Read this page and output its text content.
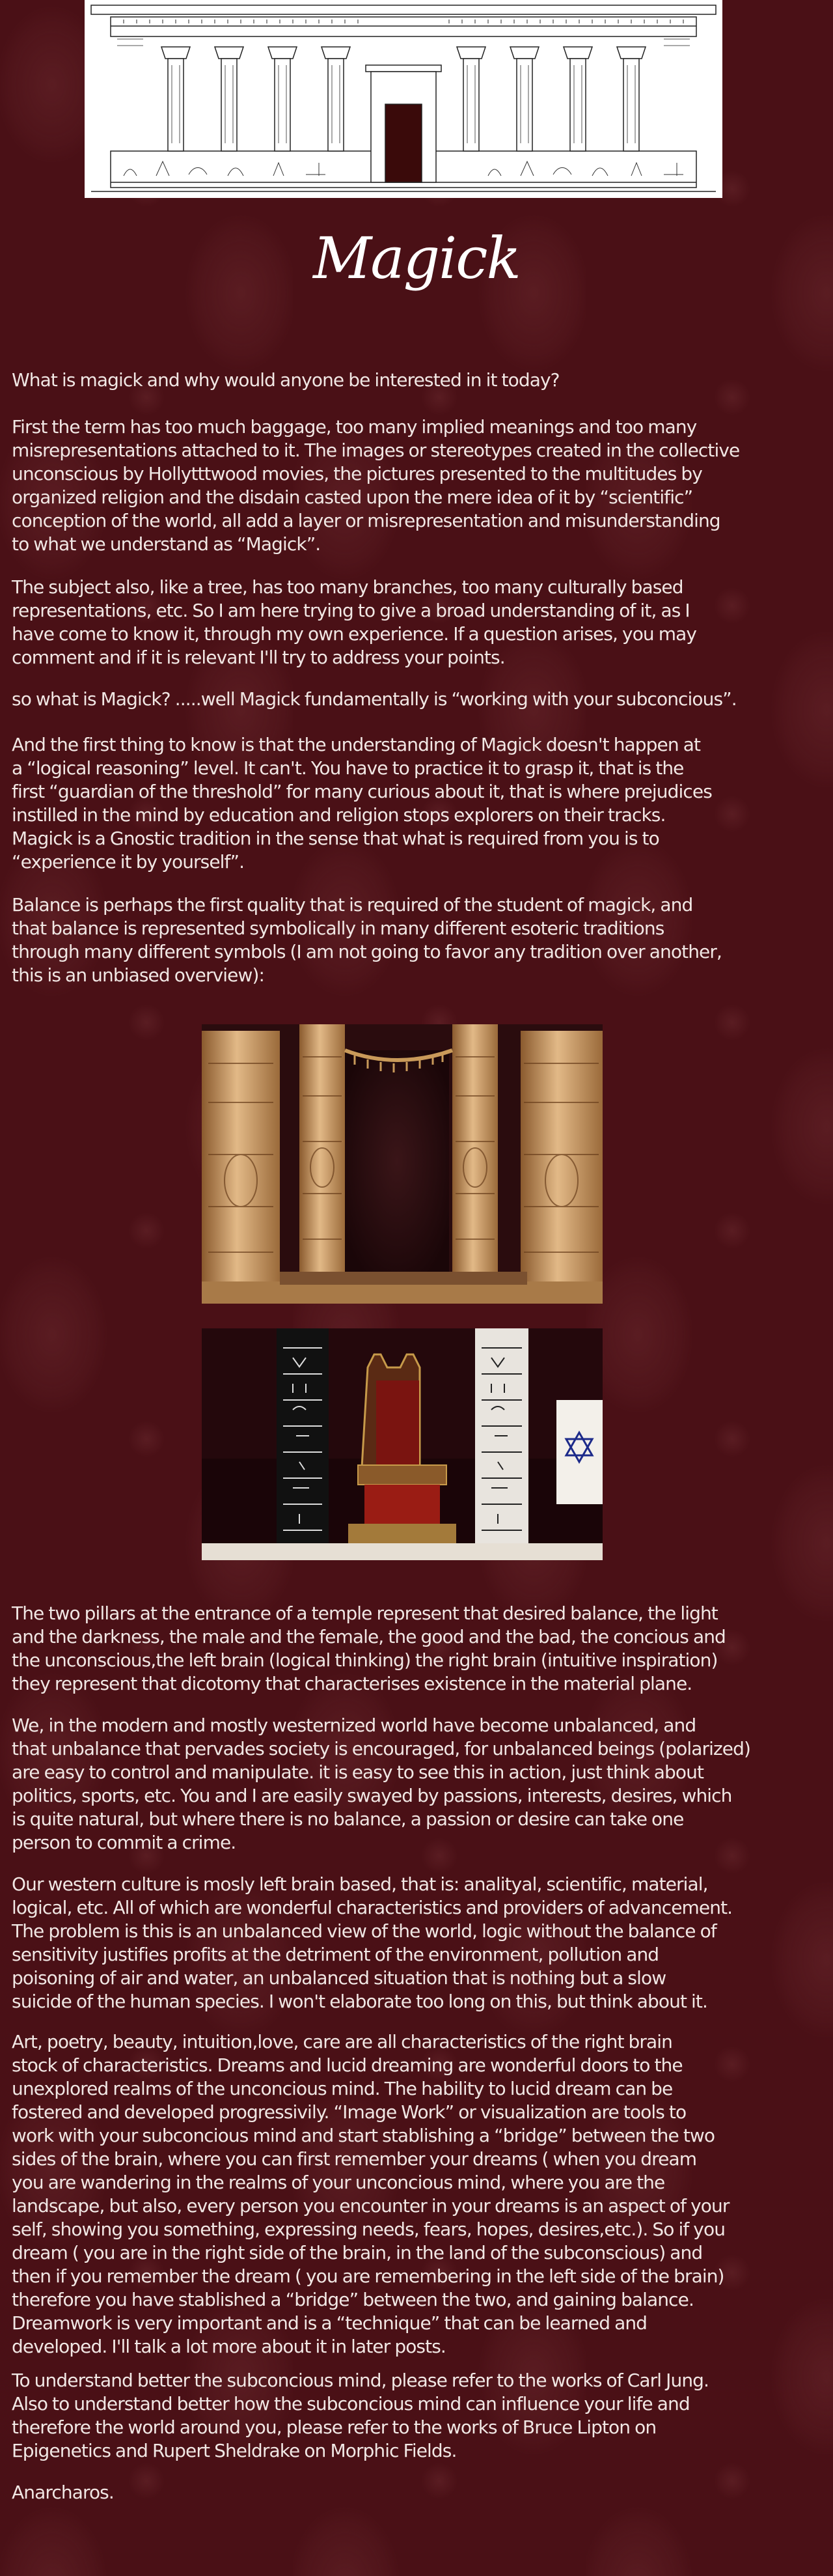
Magick

What is magick and why would anyone be interested in it today?

First the term has too much baggage, too many implied meanings and too many

misrepresentations attached to it. The images or stereotypes created in the collective

unconscious by Hollytttwood movies, the pictures presented to the multitudes by

organized religion and the disdain casted upon the mere idea of it by “scientific”

conception of the world, all add a layer or misrepresentation and misunderstanding

to what we understand as “Magick”.

The subject also, like a tree, has too many branches, too many culturally based

representations, etc. So I am here trying to give a broad understanding of it, as I

have come to know it, through my own experience. If a question arises, you may

comment and if it is relevant I'll try to address your points.

so what is Magick? .....well Magick fundamentally is “working with your subconcious”.

And the first thing to know is that the understanding of Magick doesn't happen at

a “logical reasoning” level. It can't. You have to practice it to grasp it, that is the

first “guardian of the threshold” for many curious about it, that is where prejudices

instilled in the mind by education and religion stops explorers on their tracks.

Magick is a Gnostic tradition in the sense that what is required from you is to

“experience it by yourself”.

Balance is perhaps the first quality that is required of the student of magick, and

that balance is represented symbolically in many different esoteric traditions

through many different symbols (I am not going to favor any tradition over another,

this is an unbiased overview):

The two pillars at the entrance of a temple represent that desired balance, the light

and the darkness, the male and the female, the good and the bad, the concious and

the unconscious,the left brain (logical thinking) the right brain (intuitive inspiration)

they represent that dicotomy that characterises existence in the material plane.

We, in the modern and mostly westernized world have become unbalanced, and

that unbalance that pervades society is encouraged, for unbalanced beings (polarized)

are easy to control and manipulate. it is easy to see this in action, just think about

politics, sports, etc. You and I are easily swayed by passions, interests, desires, which

is quite natural, but where there is no balance, a passion or desire can take one

person to commit a crime.

Our western culture is mosly left brain based, that is: analityal, scientific, material,

logical, etc. All of which are wonderful characteristics and providers of advancement.

The problem is this is an unbalanced view of the world, logic without the balance of

sensitivity justifies profits at the detriment of the environment, pollution and

poisoning of air and water, an unbalanced situation that is nothing but a slow

suicide of the human species. I won't elaborate too long on this, but think about it.

Art, poetry, beauty, intuition,love, care are all characteristics of the right brain

stock of characteristics. Dreams and lucid dreaming are wonderful doors to the

unexplored realms of the unconcious mind. The hability to lucid dream can be

fostered and developed progressivily. “Image Work” or visualization are tools to

work with your subconcious mind and start stablishing a “bridge” between the two

sides of the brain, where you can first remember your dreams ( when you dream

you are wandering in the realms of your unconcious mind, where you are the

landscape, but also, every person you encounter in your dreams is an aspect of your

self, showing you something, expressing needs, fears, hopes, desires,etc.). So if you

dream ( you are in the right side of the brain, in the land of the subconscious) and

then if you remember the dream ( you are remembering in the left side of the brain)

therefore you have stablished a “bridge” between the two, and gaining balance.

Dreamwork is very important and is a “technique” that can be learned and

developed. I'll talk a lot more about it in later posts.

To understand better the subconcious mind, please refer to the works of Carl Jung.

Also to understand better how the subconcious mind can influence your life and

therefore the world around you, please refer to the works of Bruce Lipton on

Epigenetics and Rupert Sheldrake on Morphic Fields.

Anarcharos.
